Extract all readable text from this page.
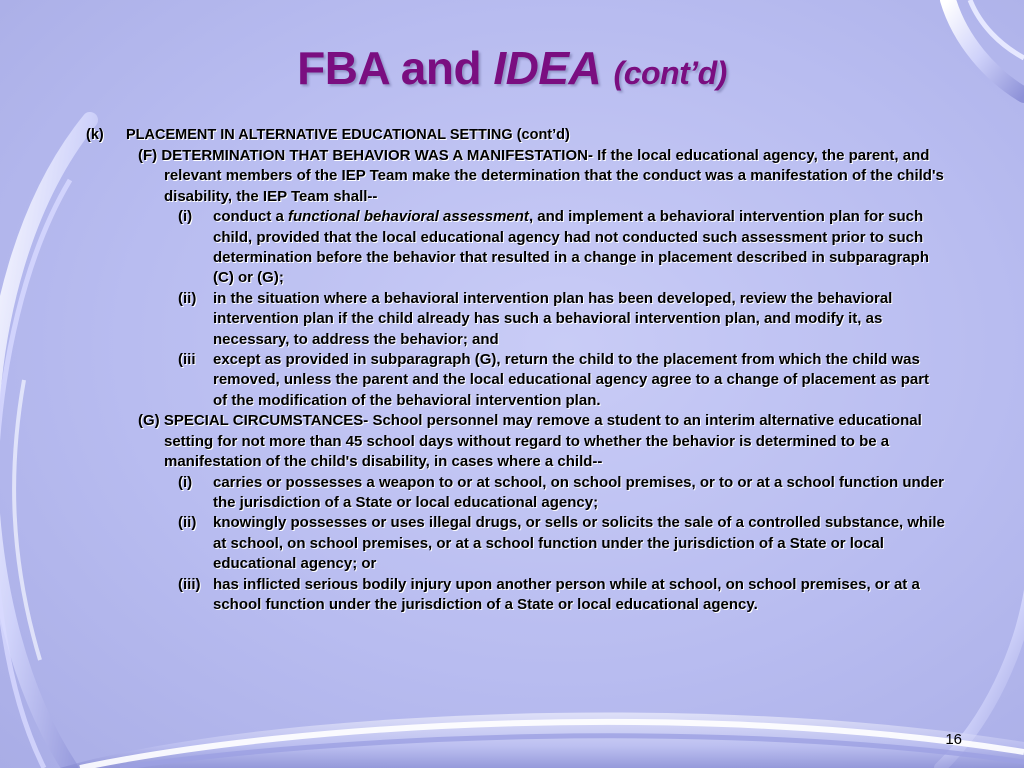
FBA and IDEA (cont’d)
(k)	PLACEMENT IN ALTERNATIVE EDUCATIONAL SETTING (cont’d)
(F) DETERMINATION THAT BEHAVIOR WAS A MANIFESTATION- If the local educational agency, the parent, and relevant members of the IEP Team make the determination that the conduct was a manifestation of the child's disability, the IEP Team shall--
(i)	conduct a functional behavioral assessment, and implement a behavioral intervention plan for such child, provided that the local educational agency had not conducted such assessment prior to such determination before the behavior that resulted in a change in placement described in subparagraph (C) or (G);
(ii)	in the situation where a behavioral intervention plan has been developed, review the behavioral intervention plan if the child already has such a behavioral intervention plan, and modify it, as necessary, to address the behavior; and
(iii	except as provided in subparagraph (G), return the child to the placement from which the child was removed, unless the parent and the local educational agency agree to a change of placement as part of the modification of the behavioral intervention plan.
(G) SPECIAL CIRCUMSTANCES- School personnel may remove a student to an interim alternative educational setting for not more than 45 school days without regard to whether the behavior is determined to be a manifestation of the child's disability, in cases where a child--
(i)	carries or possesses a weapon to or at school, on school premises, or to or at a school function under the jurisdiction of a State or local educational agency;
(ii)	knowingly possesses or uses illegal drugs, or sells or solicits the sale of a controlled substance, while at school, on school premises, or at a school function under the jurisdiction of a State or local educational agency; or
(iii) has inflicted serious bodily injury upon another person while at school, on school premises, or at a school function under the jurisdiction of a State or local educational agency.
16
